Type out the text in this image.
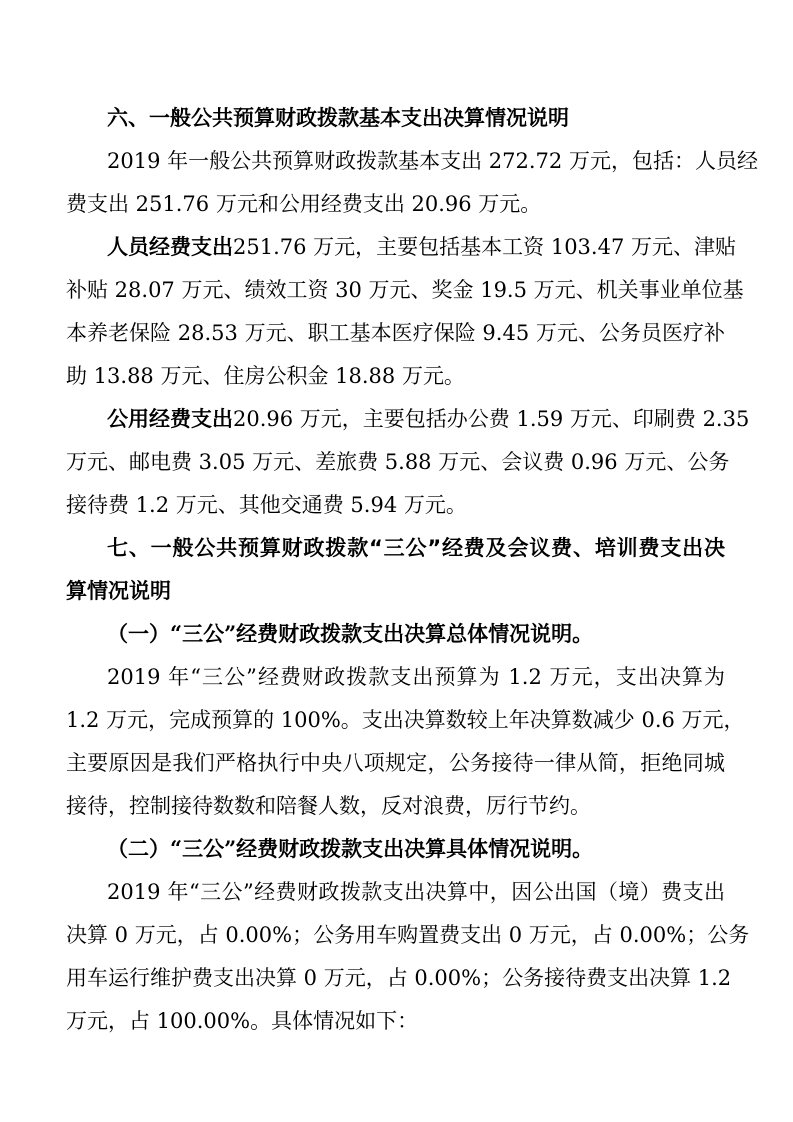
六、一般公共预算财政拨款基本支出决算情况说明
2019 年一般公共预算财政拨款基本支出 272.72 万元，包括：人员经
费支出 251.76 万元和公用经费支出 20.96 万元。
人员经费支出 251.76 万元，主要包括基本工资 103.47 万元、津贴
补贴 28.07 万元、绩效工资 30 万元、奖金 19.5 万元、机关事业单位基
本养老保险 28.53 万元、职工基本医疗保险 9.45 万元、公务员医疗补
助 13.88 万元、住房公积金 18.88 万元。
公用经费支出 20.96 万元，主要包括办公费 1.59 万元、印刷费 2.35
万元、邮电费 3.05 万元、差旅费 5.88 万元、会议费 0.96 万元、公务
接待费 1.2 万元、其他交通费 5.94 万元。
七、一般公共预算财政拨款“三公”经费及会议费、培训费支出决
算情况说明
（一）“三公”经费财政拨款支出决算总体情况说明。
2019 年“三公”经费财政拨款支出预算为 1.2 万元，支出决算为
1.2 万元，完成预算的 100%。支出决算数较上年决算数减少 0.6 万元，
主要原因是我们严格执行中央八项规定，公务接待一律从简，拒绝同城
接待，控制接待数数和陪餐人数，反对浪费，厉行节约。
（二）“三公”经费财政拨款支出决算具体情况说明。
2019 年“三公”经费财政拨款支出决算中，因公出国（境）费支出
决算 0 万元，占 0.00%；公务用车购置费支出 0 万元，占 0.00%；公务
用车运行维护费支出决算 0 万元，占 0.00%；公务接待费支出决算 1.2
万元，占 100.00%。具体情况如下：
